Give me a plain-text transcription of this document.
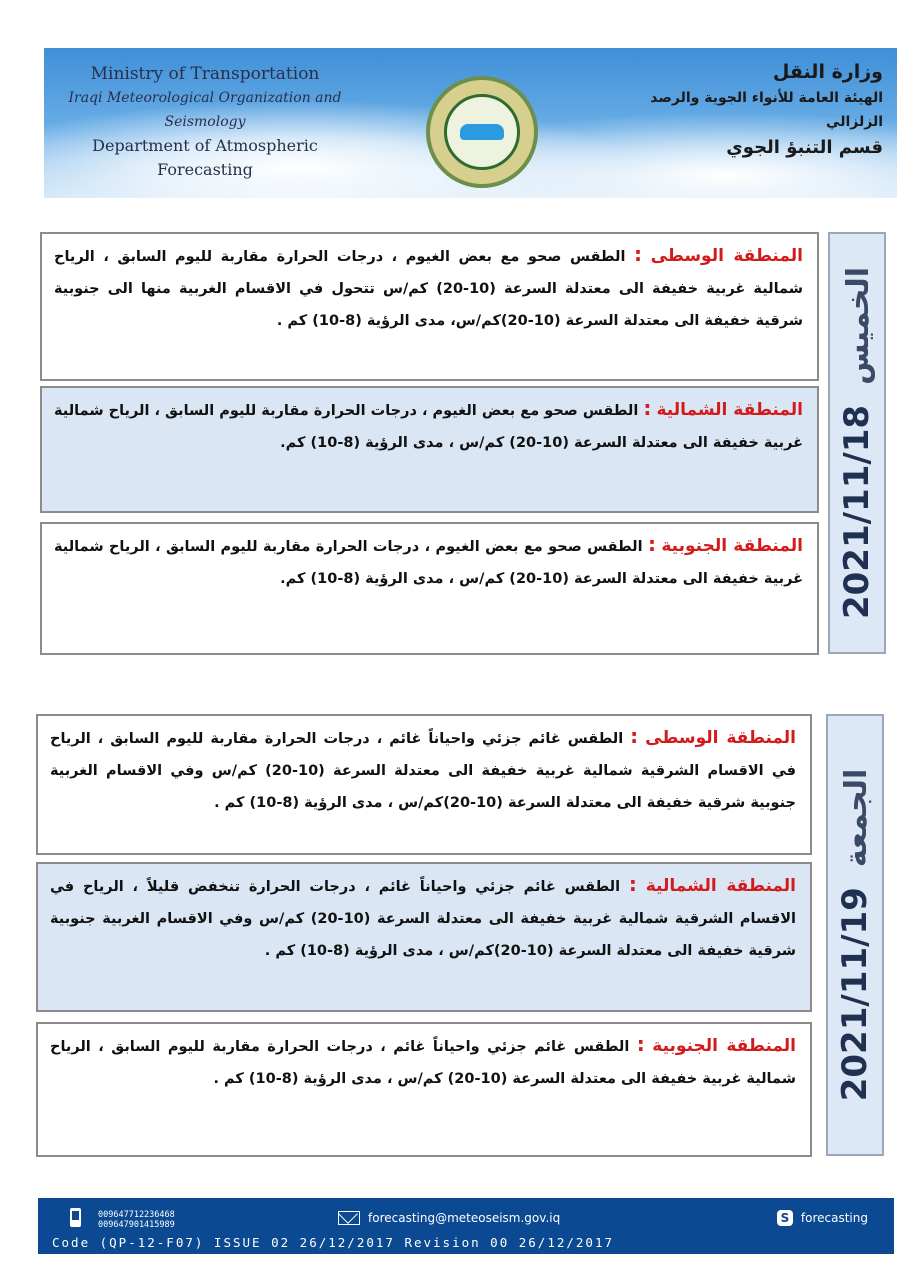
Ministry of Transportation
Iraqi Meteorological Organization and Seismology
Department of Atmospheric Forecasting
وزارة النقل
الهيئة العامة للأنواء الجوية والرصد الزلزالي
قسم التنبؤ الجوي
المنطقة الوسطى : الطقس صحو مع بعض الغيوم ، درجات الحرارة مقاربة لليوم السابق ، الرياح شمالية غربية خفيفة الى معتدلة السرعة (10-20) كم/س تتحول في الاقسام الغربية منها الى جنوبية شرقية خفيفة الى معتدلة السرعة (10-20)كم/س، مدى الرؤية (8-10) كم .
المنطقة الشمالية : الطقس صحو مع بعض الغيوم ، درجات الحرارة مقاربة لليوم السابق ، الرياح شمالية غربية خفيفة الى معتدلة السرعة (10-20) كم/س ، مدى الرؤية (8-10) كم.
المنطقة الجنوبية : الطقس صحو مع بعض الغيوم ، درجات الحرارة مقاربة لليوم السابق ، الرياح شمالية غربية خفيفة الى معتدلة السرعة (10-20) كم/س ، مدى الرؤية (8-10) كم.	2021/11/18
الخميس
المنطقة الوسطى : الطقس غائم جزئي واحياناً غائم ، درجات الحرارة مقاربة لليوم السابق ، الرياح في الاقسام الشرقية شمالية غربية خفيفة الى معتدلة السرعة (10-20) كم/س وفي الاقسام الغربية جنوبية شرقية خفيفة الى معتدلة السرعة (10-20)كم/س ، مدى الرؤية (8-10) كم .
المنطقة الشمالية : الطقس غائم جزئي واحياناً غائم ، درجات الحرارة تنخفض قليلاً ، الرياح في الاقسام الشرقية شمالية غربية خفيفة الى معتدلة السرعة (10-20) كم/س وفي الاقسام الغربية جنوبية شرقية خفيفة الى معتدلة السرعة (10-20)كم/س ، مدى الرؤية (8-10) كم .
المنطقة الجنوبية : الطقس غائم جزئي واحياناً غائم ، درجات الحرارة مقاربة لليوم السابق ، الرياح شمالية غربية خفيفة الى معتدلة السرعة (10-20) كم/س ، مدى الرؤية (8-10) كم .	2021/11/19
الجمعة
009647712236468
009647901415989	forecasting@meteoseism.gov.iq	S forecasting
Code (QP-12-F07) ISSUE 02 26/12/2017 Revision 00 26/12/2017
